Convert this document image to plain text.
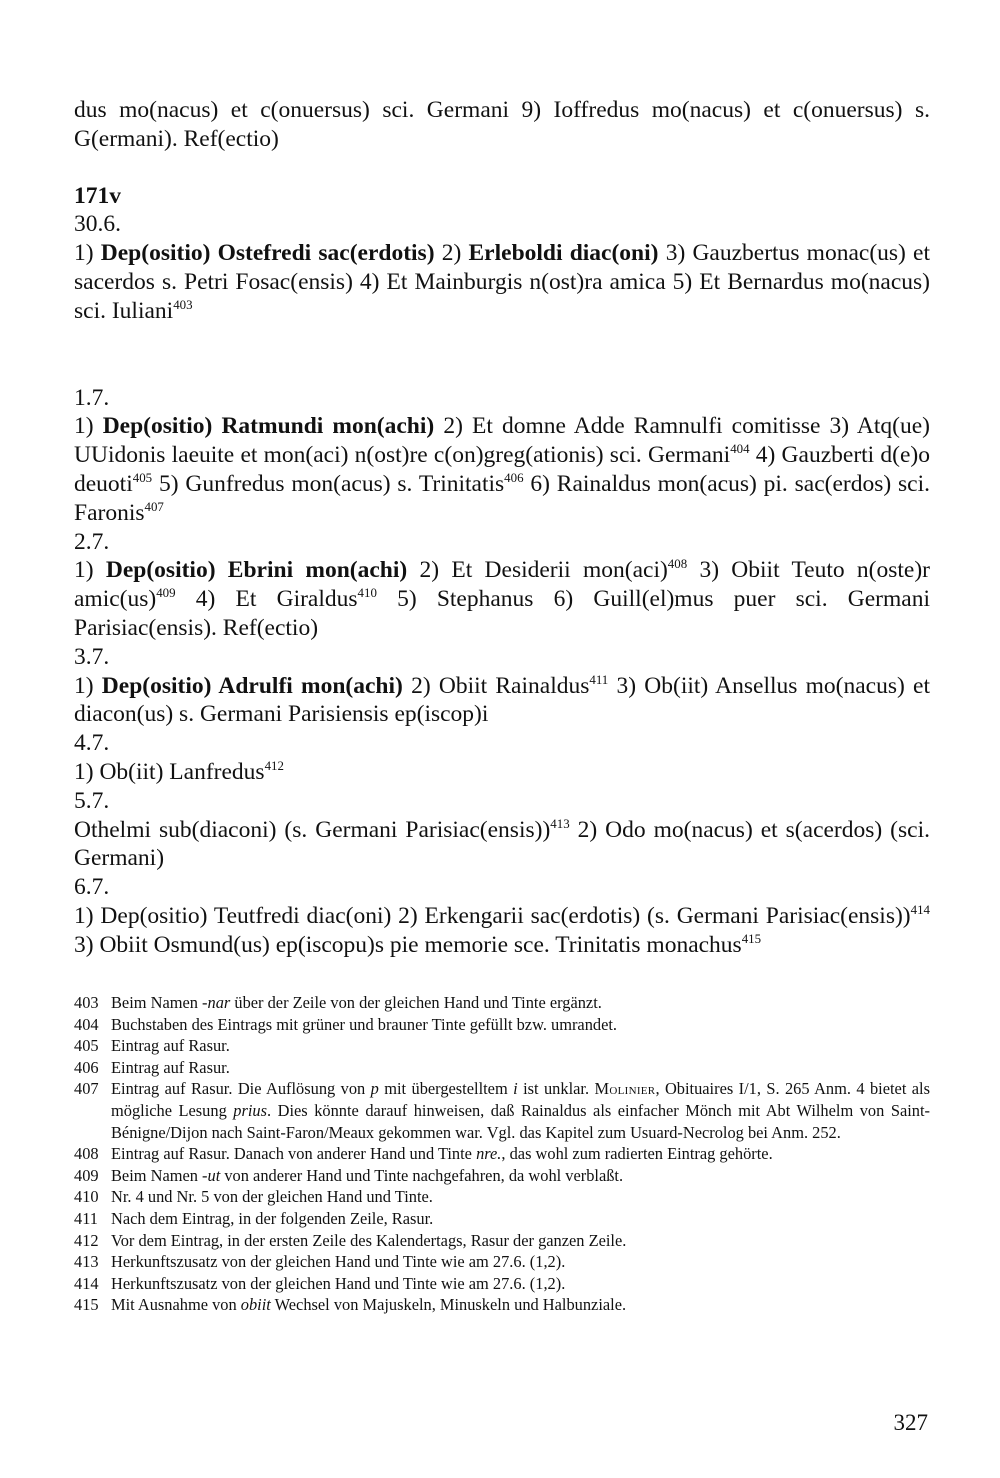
dus mo(nacus) et c(onuersus) sci. Germani 9) Ioffredus mo(nacus) et c(onuersus) s. G(ermani). Ref(ectio)

171v

30.6.

1) Dep(ositio) Ostefredi sac(erdotis) 2) Erleboldi diac(oni) 3) Gauzbertus monac(us) et sacerdos s. Petri Fosac(ensis) 4) Et Mainburgis n(ost)ra amica 5) Et Bernardus mo(nacus) sci. Iuliani$^{403}$

1.7.

1) Dep(ositio) Ratmundi mon(achi) 2) Et domne Adde Ramnulfi comitisse 3) Atq(ue) UUidonis laeuite et mon(aci) n(ost)re c(on)greg(ationis) sci. Germani$^{404}$ 4) Gauzberti d(e)o deuoti$^{405}$ 5) Gunfredus mon(acus) s. Trinitatis$^{406}$ 6) Rainaldus mon(acus) pi. sac(erdos) sci. Faronis$^{407}$

2.7.

1) Dep(ositio) Ebrini mon(achi) 2) Et Desiderii mon(aci)$^{408}$ 3) Obiit Teuto n(oste)r amic(us)$^{409}$ 4) Et Giraldus$^{410}$ 5) Stephanus 6) Guill(el)mus puer sci. Germani Parisiac(ensis). Ref(ectio)

3.7.

1) Dep(ositio) Adrulfi mon(achi) 2) Obiit Rainaldus$^{411}$ 3) Ob(iit) Ansellus mo(nacus) et diacon(us) s. Germani Parisiensis ep(iscop)i

4.7.

1) Ob(iit) Lanfredus$^{412}$

5.7.

Othelmi sub(diaconi) (s. Germani Parisiac(ensis))$^{413}$ 2) Odo mo(nacus) et s(acerdos) (sci. Germani)

6.7.

1) Dep(ositio) Teutfredi diac(oni) 2) Erkengarii sac(erdotis) (s. Germani Parisiac(ensis))$^{414}$ 3) Obiit Osmund(us) ep(iscopu)s pie memorie sce. Trinitatis monachus$^{415}$

403 Beim Namen -nar über der Zeile von der gleichen Hand und Tinte ergänzt.
404 Buchstaben des Eintrags mit grüner und brauner Tinte gefüllt bzw. umrandet.
405 Eintrag auf Rasur.
406 Eintrag auf Rasur.
407 Eintrag auf Rasur. Die Auflösung von p mit übergestelltem i ist unklar. Molinier, Obituaires I/1, S. 265 Anm. 4 bietet als mögliche Lesung prius. Dies könnte darauf hinweisen, daß Rainaldus als einfacher Mönch mit Abt Wilhelm von Saint-Bénigne/Dijon nach Saint-Faron/Meaux gekommen war. Vgl. das Kapitel zum Usuard-Necrolog bei Anm. 252.
408 Eintrag auf Rasur. Danach von anderer Hand und Tinte nre., das wohl zum radierten Eintrag gehörte.
409 Beim Namen -ut von anderer Hand und Tinte nachgefahren, da wohl verblaßt.
410 Nr. 4 und Nr. 5 von der gleichen Hand und Tinte.
411 Nach dem Eintrag, in der folgenden Zeile, Rasur.
412 Vor dem Eintrag, in der ersten Zeile des Kalendertags, Rasur der ganzen Zeile.
413 Herkunftszusatz von der gleichen Hand und Tinte wie am 27.6. (1,2).
414 Herkunftszusatz von der gleichen Hand und Tinte wie am 27.6. (1,2).
415 Mit Ausnahme von obiit Wechsel von Majuskeln, Minuskeln und Halbunziale.
327
